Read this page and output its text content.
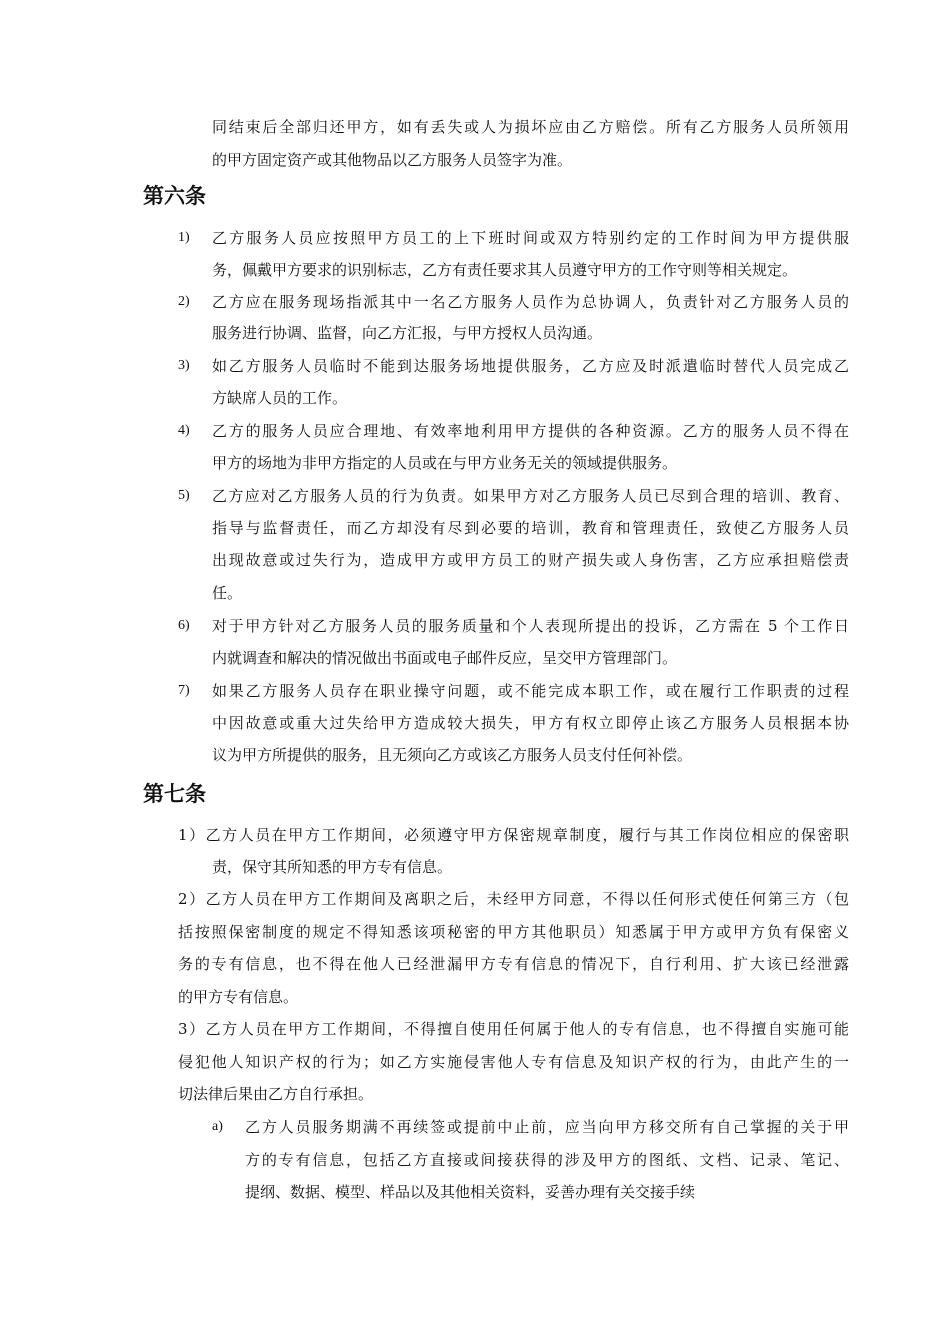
同结束后全部归还甲方，如有丢失或人为损坏应由乙方赔偿。所有乙方服务人员所领用
的甲方固定资产或其他物品以乙方服务人员签字为准。
第六条
1) 乙方服务人员应按照甲方员工的上下班时间或双方特别约定的工作时间为甲方提供服
务，佩戴甲方要求的识别标志，乙方有责任要求其人员遵守甲方的工作守则等相关规定。
2) 乙方应在服务现场指派其中一名乙方服务人员作为总协调人，负责针对乙方服务人员的
服务进行协调、监督，向乙方汇报，与甲方授权人员沟通。
3) 如乙方服务人员临时不能到达服务场地提供服务，乙方应及时派遣临时替代人员完成乙
方缺席人员的工作。
4) 乙方的服务人员应合理地、有效率地利用甲方提供的各种资源。乙方的服务人员不得在
甲方的场地为非甲方指定的人员或在与甲方业务无关的领域提供服务。
5) 乙方应对乙方服务人员的行为负责。如果甲方对乙方服务人员已尽到合理的培训、教育、
指导与监督责任，而乙方却没有尽到必要的培训，教育和管理责任，致使乙方服务人员
出现故意或过失行为，造成甲方或甲方员工的财产损失或人身伤害，乙方应承担赔偿责
任。
6) 对于甲方针对乙方服务人员的服务质量和个人表现所提出的投诉，乙方需在 5 个工作日
内就调查和解决的情况做出书面或电子邮件反应，呈交甲方管理部门。
7) 如果乙方服务人员存在职业操守问题，或不能完成本职工作，或在履行工作职责的过程
中因故意或重大过失给甲方造成较大损失，甲方有权立即停止该乙方服务人员根据本协
议为甲方所提供的服务，且无须向乙方或该乙方服务人员支付任何补偿。
第七条
1）乙方人员在甲方工作期间，必须遵守甲方保密规章制度，履行与其工作岗位相应的保密职
责，保守其所知悉的甲方专有信息。
2）乙方人员在甲方工作期间及离职之后，未经甲方同意，不得以任何形式使任何第三方（包
括按照保密制度的规定不得知悉该项秘密的甲方其他职员）知悉属于甲方或甲方负有保密义
务的专有信息，也不得在他人已经泄漏甲方专有信息的情况下，自行利用、扩大该已经泄露
的甲方专有信息。
3）乙方人员在甲方工作期间，不得擅自使用任何属于他人的专有信息，也不得擅自实施可能
侵犯他人知识产权的行为；如乙方实施侵害他人专有信息及知识产权的行为，由此产生的一
切法律后果由乙方自行承担。
a) 乙方人员服务期满不再续签或提前中止前，应当向甲方移交所有自己掌握的关于甲
方的专有信息，包括乙方直接或间接获得的涉及甲方的图纸、文档、记录、笔记、
提纲、数据、模型、样品以及其他相关资料，妥善办理有关交接手续
